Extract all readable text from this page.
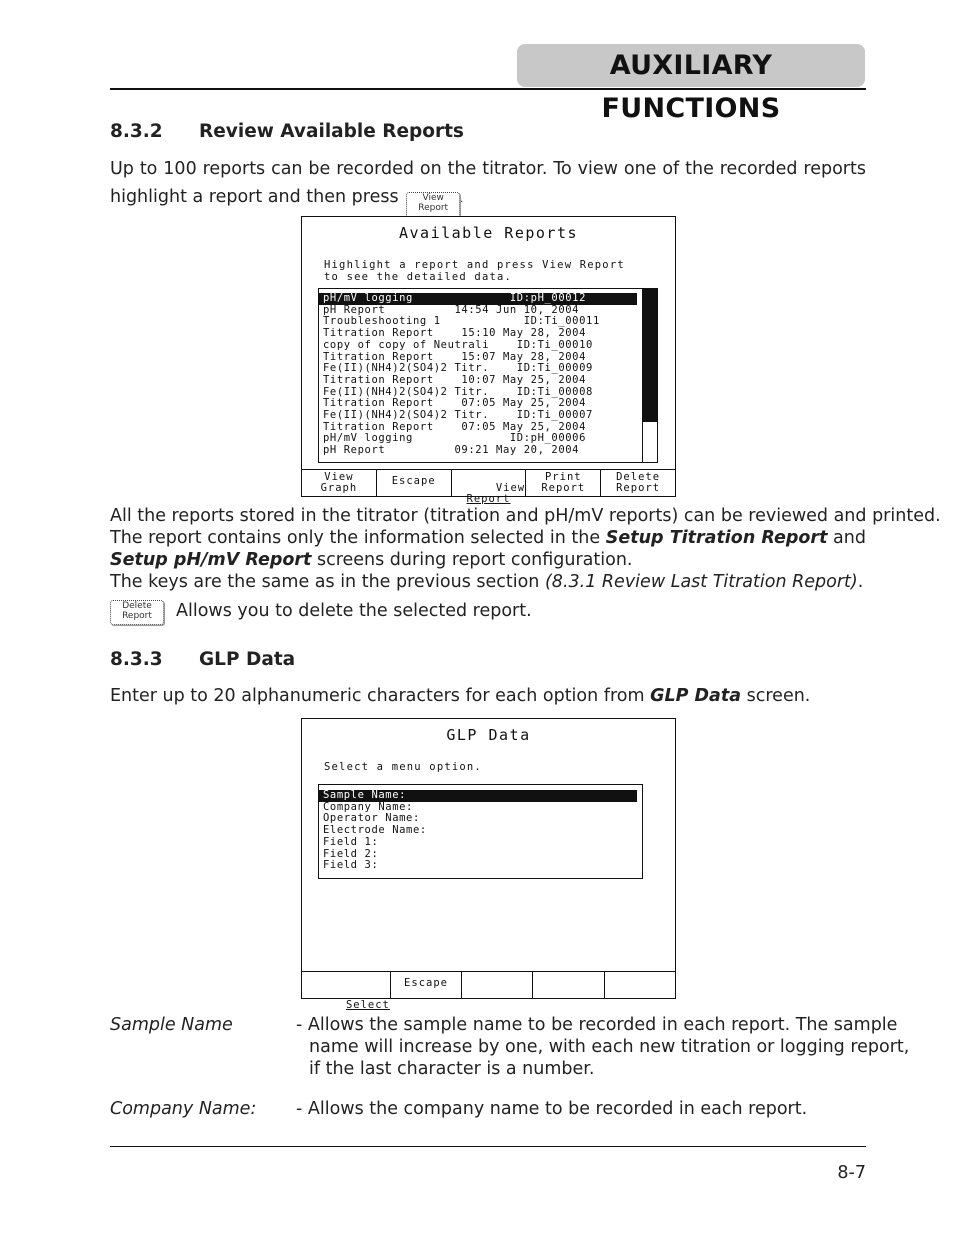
AUXILIARY FUNCTIONS
8.3.2 Review Available Reports
Up to 100 reports can be recorded on the titrator. To view one of the recorded reports
highlight a report and then press	View
Report.
Available Reports
Highlight a report and press View Report
to see the detailed data.
pH/mV logging              ID:pH_00012
pH Report          14:54 Jun 10, 2004
Troubleshooting 1            ID:Ti_00011
Titration Report    15:10 May 28, 2004
copy of copy of Neutrali    ID:Ti_00010
Titration Report    15:07 May 28, 2004
Fe(II)(NH4)2(SO4)2 Titr.    ID:Ti_00009
Titration Report    10:07 May 25, 2004
Fe(II)(NH4)2(SO4)2 Titr.    ID:Ti_00008
Titration Report    07:05 May 25, 2004
Fe(II)(NH4)2(SO4)2 Titr.    ID:Ti_00007
Titration Report    07:05 May 25, 2004
pH/mV logging              ID:pH_00006
pH Report          09:21 May 20, 2004
View
Graph
Escape

View
Report

Print
Report
Delete
Report
All the reports stored in the titrator (titration and pH/mV reports) can be reviewed and printed.
The report contains only the information selected in the Setup Titration Report and
Setup pH/mV Report screens during report configuration.
The keys are the same as in the previous section (8.3.1 Review Last Titration Report).
Delete
Report	Allows you to delete the selected report.
8.3.3 GLP Data
Enter up to 20 alphanumeric characters for each option from GLP Data screen.
GLP Data
Select a menu option.
Sample Name:
Company Name:
Operator Name:
Electrode Name:
Field 1:
Field 2:
Field 3:

Select

Escape
Sample Name	- Allows the sample name to be recorded in each report. The sample
name will increase by one, with each new titration or logging report,
if the last character is a number.
Company Name: - Allows the company name to be recorded in each report.
8-7
